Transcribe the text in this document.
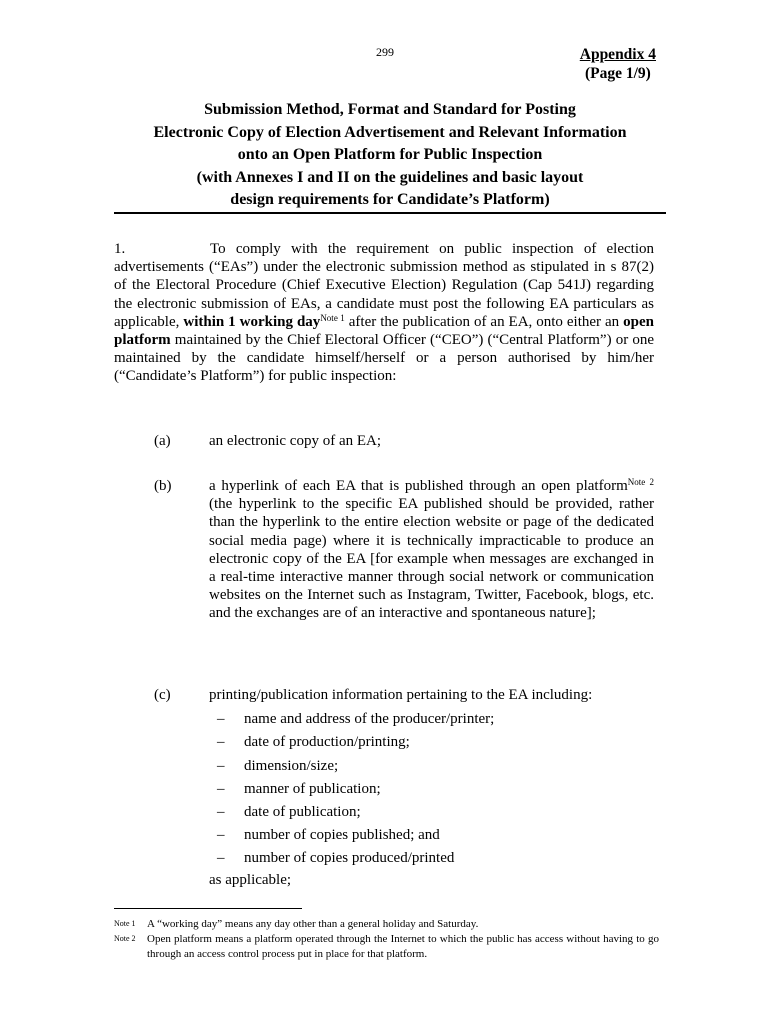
299	Appendix 4
(Page 1/9)
Submission Method, Format and Standard for Posting
Electronic Copy of Election Advertisement and Relevant Information
onto an Open Platform for Public Inspection
(with Annexes I and II on the guidelines and basic layout
design requirements for Candidate’s Platform)
1.	To comply with the requirement on public inspection of election advertisements (“EAs”) under the electronic submission method as stipulated in s 87(2) of the Electoral Procedure (Chief Executive Election) Regulation (Cap 541J) regarding the electronic submission of EAs, a candidate must post the following EA particulars as applicable, within 1 working day$^{Note 1}$ after the publication of an EA, onto either an open platform maintained by the Chief Electoral Officer (“CEO”) (“Central Platform”) or one maintained by the candidate himself/herself or a person authorised by him/her (“Candidate’s Platform”) for public inspection:
(a)	an electronic copy of an EA;
(b)	a hyperlink of each EA that is published through an open platform$^{Note 2}$ (the hyperlink to the specific EA published should be provided, rather than the hyperlink to the entire election website or page of the dedicated social media page) where it is technically impracticable to produce an electronic copy of the EA [for example when messages are exchanged in a real-time interactive manner through social network or communication websites on the Internet such as Instagram, Twitter, Facebook, blogs, etc. and the exchanges are of an interactive and spontaneous nature];
(c)	printing/publication information pertaining to the EA including:
– name and address of the producer/printer;
– date of production/printing;
– dimension/size;
– manner of publication;
– date of publication;
– number of copies published; and
– number of copies produced/printed
as applicable;
Note 1 A “working day” means any day other than a general holiday and Saturday.
Note 2 Open platform means a platform operated through the Internet to which the public has access without having to go through an access control process put in place for that platform.
